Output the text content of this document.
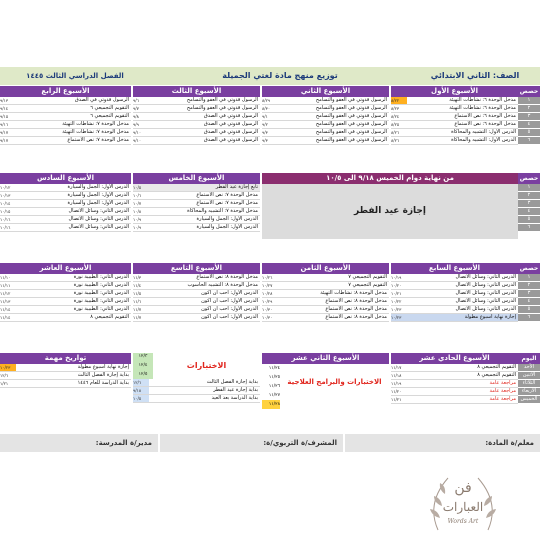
الصف: الثاني الابتدائي
توزيع منهج مادة لغتي الجميلة
الفصل الدراسي الثالث ١٤٤٥
حصص
١
٢
٣
٤
٥
٦
الأسبوع الأول
مدخل الوحدة ٦: نشاطات التهيئة
٨/٢٢
مدخل الوحدة ٦: نشاطات التهيئة
٨/٢٣
مدخل الوحدة ٦: نص الاستماع
٨/٢٤
مدخل الوحدة ٦: نص الاستماع
٨/٢٥
الدرس الأول: التشبيه والمحاكاة
٨/٢٦
الدرس الأول: التشبيه والمحاكاة
٨/٢٦
الأسبوع الثاني
الرسول قدوتي في العفو والتسامح
٨/٢٩
الرسول قدوتي في العفو والتسامح
٨/٣٠
الرسول قدوتي في العفو والتسامح
٩/١
الرسول قدوتي في العفو والتسامح
٩/٢
الرسول قدوتي في العفو والتسامح
٩/٣
الرسول قدوتي في العفو والتسامح
٩/٣
الأسبوع الثالث
الرسول قدوتي في العفو والتسامح
٩/٦
الرسول قدوتي في العفو والتسامح
٩/٧
الرسول قدوتي في الصدق
٩/٨
الرسول قدوتي في الصدق
٩/٩
الرسول قدوتي في الصدق
٩/١٠
الرسول قدوتي في الصدق
٩/١٠
الأسبوع الرابع
الرسول قدوتي في الصدق
٩/١٣
التقويم التجميعي ٦
٩/١٤
التقويم التجميعي ٦
٩/١٥
مدخل الوحدة ٧: نشاطات التهيئة
٩/١٦
مدخل الوحدة ٧: نشاطات التهيئة
٩/١٧
مدخل الوحدة ٧: نص الاستماع
٩/١٧
حصص
١
٢
٣
٤
٥
٦
من نهاية دوام الخميس ٩/١٨ الى ١٠/٥
إجازة عيد الفطر
الأسبوع الخامس
تابع إجازة عيد الفطر
١٠/٥
مدخل الوحدة ٧: نص الاستماع
١٠/٦
مدخل الوحدة ٧: نص الاستماع
١٠/٧
مدخل الوحدة ٧: التشبيه والمحاكاة
١٠/٨
الدرس الأول: الجمل والسيارة
١٠/٩
الدرس الأول: الجمل والسيارة
١٠/٩
الأسبوع السادس
الدرس الأول: الجمل والسيارة
١٠/١٢
الدرس الأول: الجمل والسيارة
١٠/١٣
الدرس الأول: الجمل والسيارة
١٠/١٤
الدرس الثاني: وسائل الاتصال
١٠/١٥
الدرس الثاني: وسائل الاتصال
١٠/١٦
الدرس الثاني: وسائل الاتصال
١٠/١٦
حصص
١
٢
٣
٤
٥
٦
الأسبوع السابع
الدرس الثاني: وسائل الاتصال
١٠/١٩
الدرس الثاني: وسائل الاتصال
١٠/٢٠
الدرس الثاني: وسائل الاتصال
١٠/٢١
الدرس الثاني: وسائل الاتصال
١٠/٢٢
الدرس الثاني: وسائل الاتصال
١٠/٢٣
إجازة نهاية أسبوع مطولة
١٠/٢٣
الأسبوع الثامن
التقويم التجميعي ٧
١٠/٢٦
التقويم التجميعي ٧
١٠/٢٧
مدخل الوحدة ٨: نشاطات التهيئة
١٠/٢٨
مدخل الوحدة ٨: نص الاستماع
١٠/٢٩
مدخل الوحدة ٨: نص الاستماع
١٠/٣٠
مدخل الوحدة ٨: نص الاستماع
١٠/٣٠
الأسبوع التاسع
مدخل الوحدة ٨: نص الاستماع
١١/٣
مدخل الوحدة ٨: التشبيه الحاسوب
١١/٤
الدرس الأول: أحب أن أكون
١١/٥
الدرس الأول: أحب أن أكون
١١/٦
الدرس الأول: أحب أن أكون
١١/٧
الدرس الأول: أحب أن أكون
١١/٧
الأسبوع العاشر
الدرس الثاني: الطبيبة نورة
١١/١٠
الدرس الثاني: الطبيبة نورة
١١/١١
الدرس الثاني: الطبيبة نورة
١١/١٢
الدرس الثاني: الطبيبة نورة
١١/١٣
الدرس الثاني: الطبيبة نورة
١١/١٤
التقويم التجميعي ٨
١١/١٤
اليوم
الأحد
الاثنين
الثلاثاء
الأربعاء
الخميس
الأسبوع الحادي عشر
التقويم التجميعي ٨
١١/١٧
التقويم التجميعي ٨
١١/١٨
مراجعة عامة
١١/١٩
مراجعة عامة
١١/٢٠
مراجعة عامة
١١/٢١
الأسبوع الثاني عشر
الاختبارات والبرامج العلاجية
١١/٢٤
١١/٢٥
١١/٢٦
١١/٢٧
١١/٢٨
الاختبارات
١٢/٣
١٢/٤
١٢/٥
بداية إجازة الفصل الثالث
١٢/٦
بداية إجازة عيد الفطر
٩/١٨
بداية الدراسة بعد العيد
١٠/٥
تواريخ مهمة
إجازة نهاية أسبوع مطولة
١٠/٢٣
بداية إجازة الفصل الثالث
١٢/٦
بداية الدراسة للعام ١٤٤٦
١/٢١
معلم/ة المادة:
المشرف/ة التربوي/ة:
مدير/ة المدرسة:
فن
العبارات
Words Art
